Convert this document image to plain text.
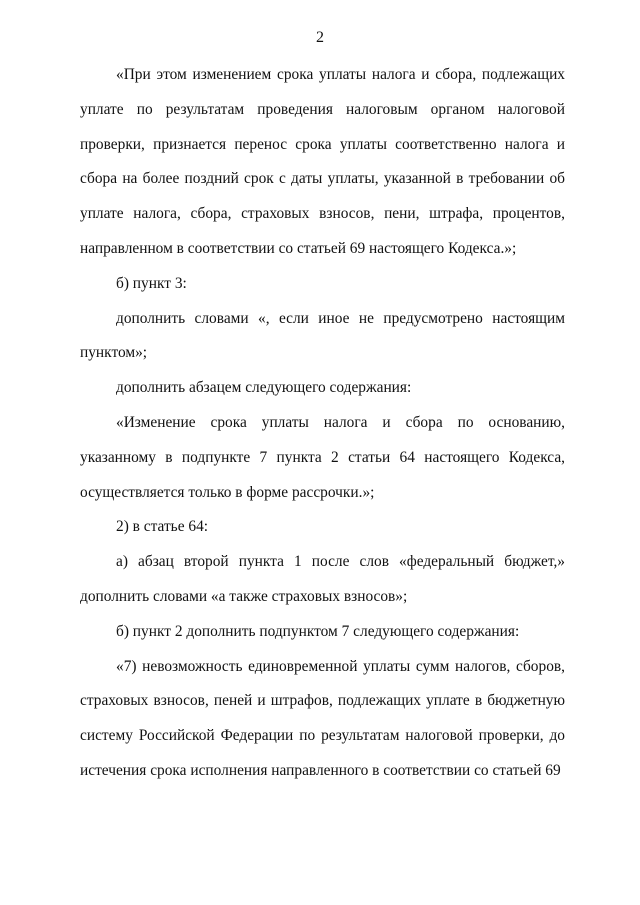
2

«При этом изменением срока уплаты налога и сбора, подлежащих уплате по результатам проведения налоговым органом налоговой проверки, признается перенос срока уплаты соответственно налога и сбора на более поздний срок с даты уплаты, указанной в требовании об уплате налога, сбора, страховых взносов, пени, штрафа, процентов, направленном в соответствии со статьей 69 настоящего Кодекса.»;

б) пункт 3:

дополнить словами «, если иное не предусмотрено настоящим пунктом»;

дополнить абзацем следующего содержания:

«Изменение срока уплаты налога и сбора по основанию, указанному в подпункте 7 пункта 2 статьи 64 настоящего Кодекса, осуществляется только в форме рассрочки.»;

2) в статье 64:

а) абзац второй пункта 1 после слов «федеральный бюджет,» дополнить словами «а также страховых взносов»;

б) пункт 2 дополнить подпунктом 7 следующего содержания:

«7) невозможность единовременной уплаты сумм налогов, сборов, страховых взносов, пеней и штрафов, подлежащих уплате в бюджетную систему Российской Федерации по результатам налоговой проверки, до истечения срока исполнения направленного в соответствии со статьей 69
